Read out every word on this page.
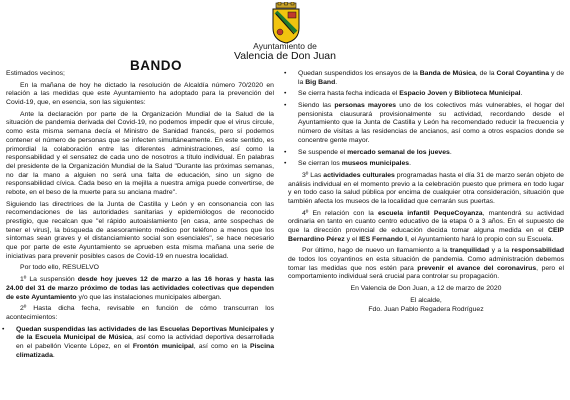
Ayuntamiento de
Valencia de Don Juan
BANDO

Estimados vecinos;

En la mañana de hoy he dictado la resolución de Alcaldía número 70/2020 en relación a las medidas que este Ayuntamiento ha adoptado para la prevención del Covid-19, que, en esencia, son las siguientes:

Ante la declaración por parte de la Organización Mundial de la Salud de la situación de pandemia derivada del Covid-19, no podemos impedir que el virus circule, como esta misma semana decía el Ministro de Sanidad francés, pero sí podemos contener el número de personas que se infecten simultáneamente. En este sentido, es primordial la colaboración entre las diferentes administraciones, así como la responsabilidad y el sensatez de cada uno de nosotros a título individual. En palabras del presidente de la Organización Mundial de la Salud "Durante las próximas semanas, no dar la mano a alguien no será una falta de educación, sino un signo de responsabilidad cívica. Cada beso en la mejilla a nuestra amiga puede convertirse, de rebote, en el beso de la muerte para su anciana madre".

Siguiendo las directrices de la Junta de Castilla y León y en consonancia con las recomendaciones de las autoridades sanitarias y epidemiólogos de reconocido prestigio, que recalcan que "el rápido autoaislamiento [en casa, ante sospechas de tener el virus], la búsqueda de asesoramiento médico por teléfono a menos que los síntomas sean graves y el distanciamiento social son esenciales", se hace necesario que por parte de este Ayuntamiento se aprueben esta misma mañana una serie de iniciativas para prevenir posibles casos de Covid-19 en nuestra localidad.

Por todo ello, RESUELVO

1º La suspensión desde hoy jueves 12 de marzo a las 16 horas y hasta las 24.00 del 31 de marzo próximo de todas las actividades colectivas que dependen de este Ayuntamiento y/o que las instalaciones municipales albergan.

2º Hasta dicha fecha, revisable en función de cómo transcurran los acontecimientos:

• Quedan suspendidas las actividades de las Escuelas Deportivas Municipales y de la Escuela Municipal de Música, así como la actividad deportiva desarrollada en el pabellón Vicente López, en el Frontón municipal, así como en la Piscina climatizada.

• Quedan suspendidos los ensayos de la Banda de Música, de la Coral Coyantina y de la Big Band.

• Se cierra hasta fecha indicada el Espacio Joven y Biblioteca Municipal.

• Siendo las personas mayores uno de los colectivos más vulnerables, el hogar del pensionista clausurará provisionalmente su actividad, recordando desde el Ayuntamiento que la Junta de Castilla y León ha recomendado reducir la frecuencia y número de visitas a las residencias de ancianos, así como a otros espacios donde se concentre gente mayor.

• Se suspende el mercado semanal de los jueves.

• Se cierran los museos municipales.

3º Las actividades culturales programadas hasta el día 31 de marzo serán objeto de análisis individual en el momento previo a la celebración puesto que primera en todo lugar y en todo caso la salud pública por encima de cualquier otra consideración, situación que también afecta los museos de la localidad que cerrarán sus puertas.

4º En relación con la escuela infantil PequeCoyanza, mantendrá su actividad ordinaria en tanto en cuanto centro educativo de la etapa 0 a 3 años. En el supuesto de que la dirección provincial de educación decida tomar alguna medida en el CEIP Bernardino Pérez y el IES Fernando I, el Ayuntamiento hará lo propio con su Escuela.

Por último, hago de nuevo un llamamiento a la tranquilidad y a la responsabilidad de todos los coyantinos en esta situación de pandemia. Como administración debemos tomar las medidas que nos estén para prevenir el avance del coronavirus, pero el comportamiento individual será crucial para controlar su propagación.

En Valencia de Don Juan, a 12 de marzo de 2020

El alcalde,

Fdo. Juan Pablo Regadera Rodríguez
